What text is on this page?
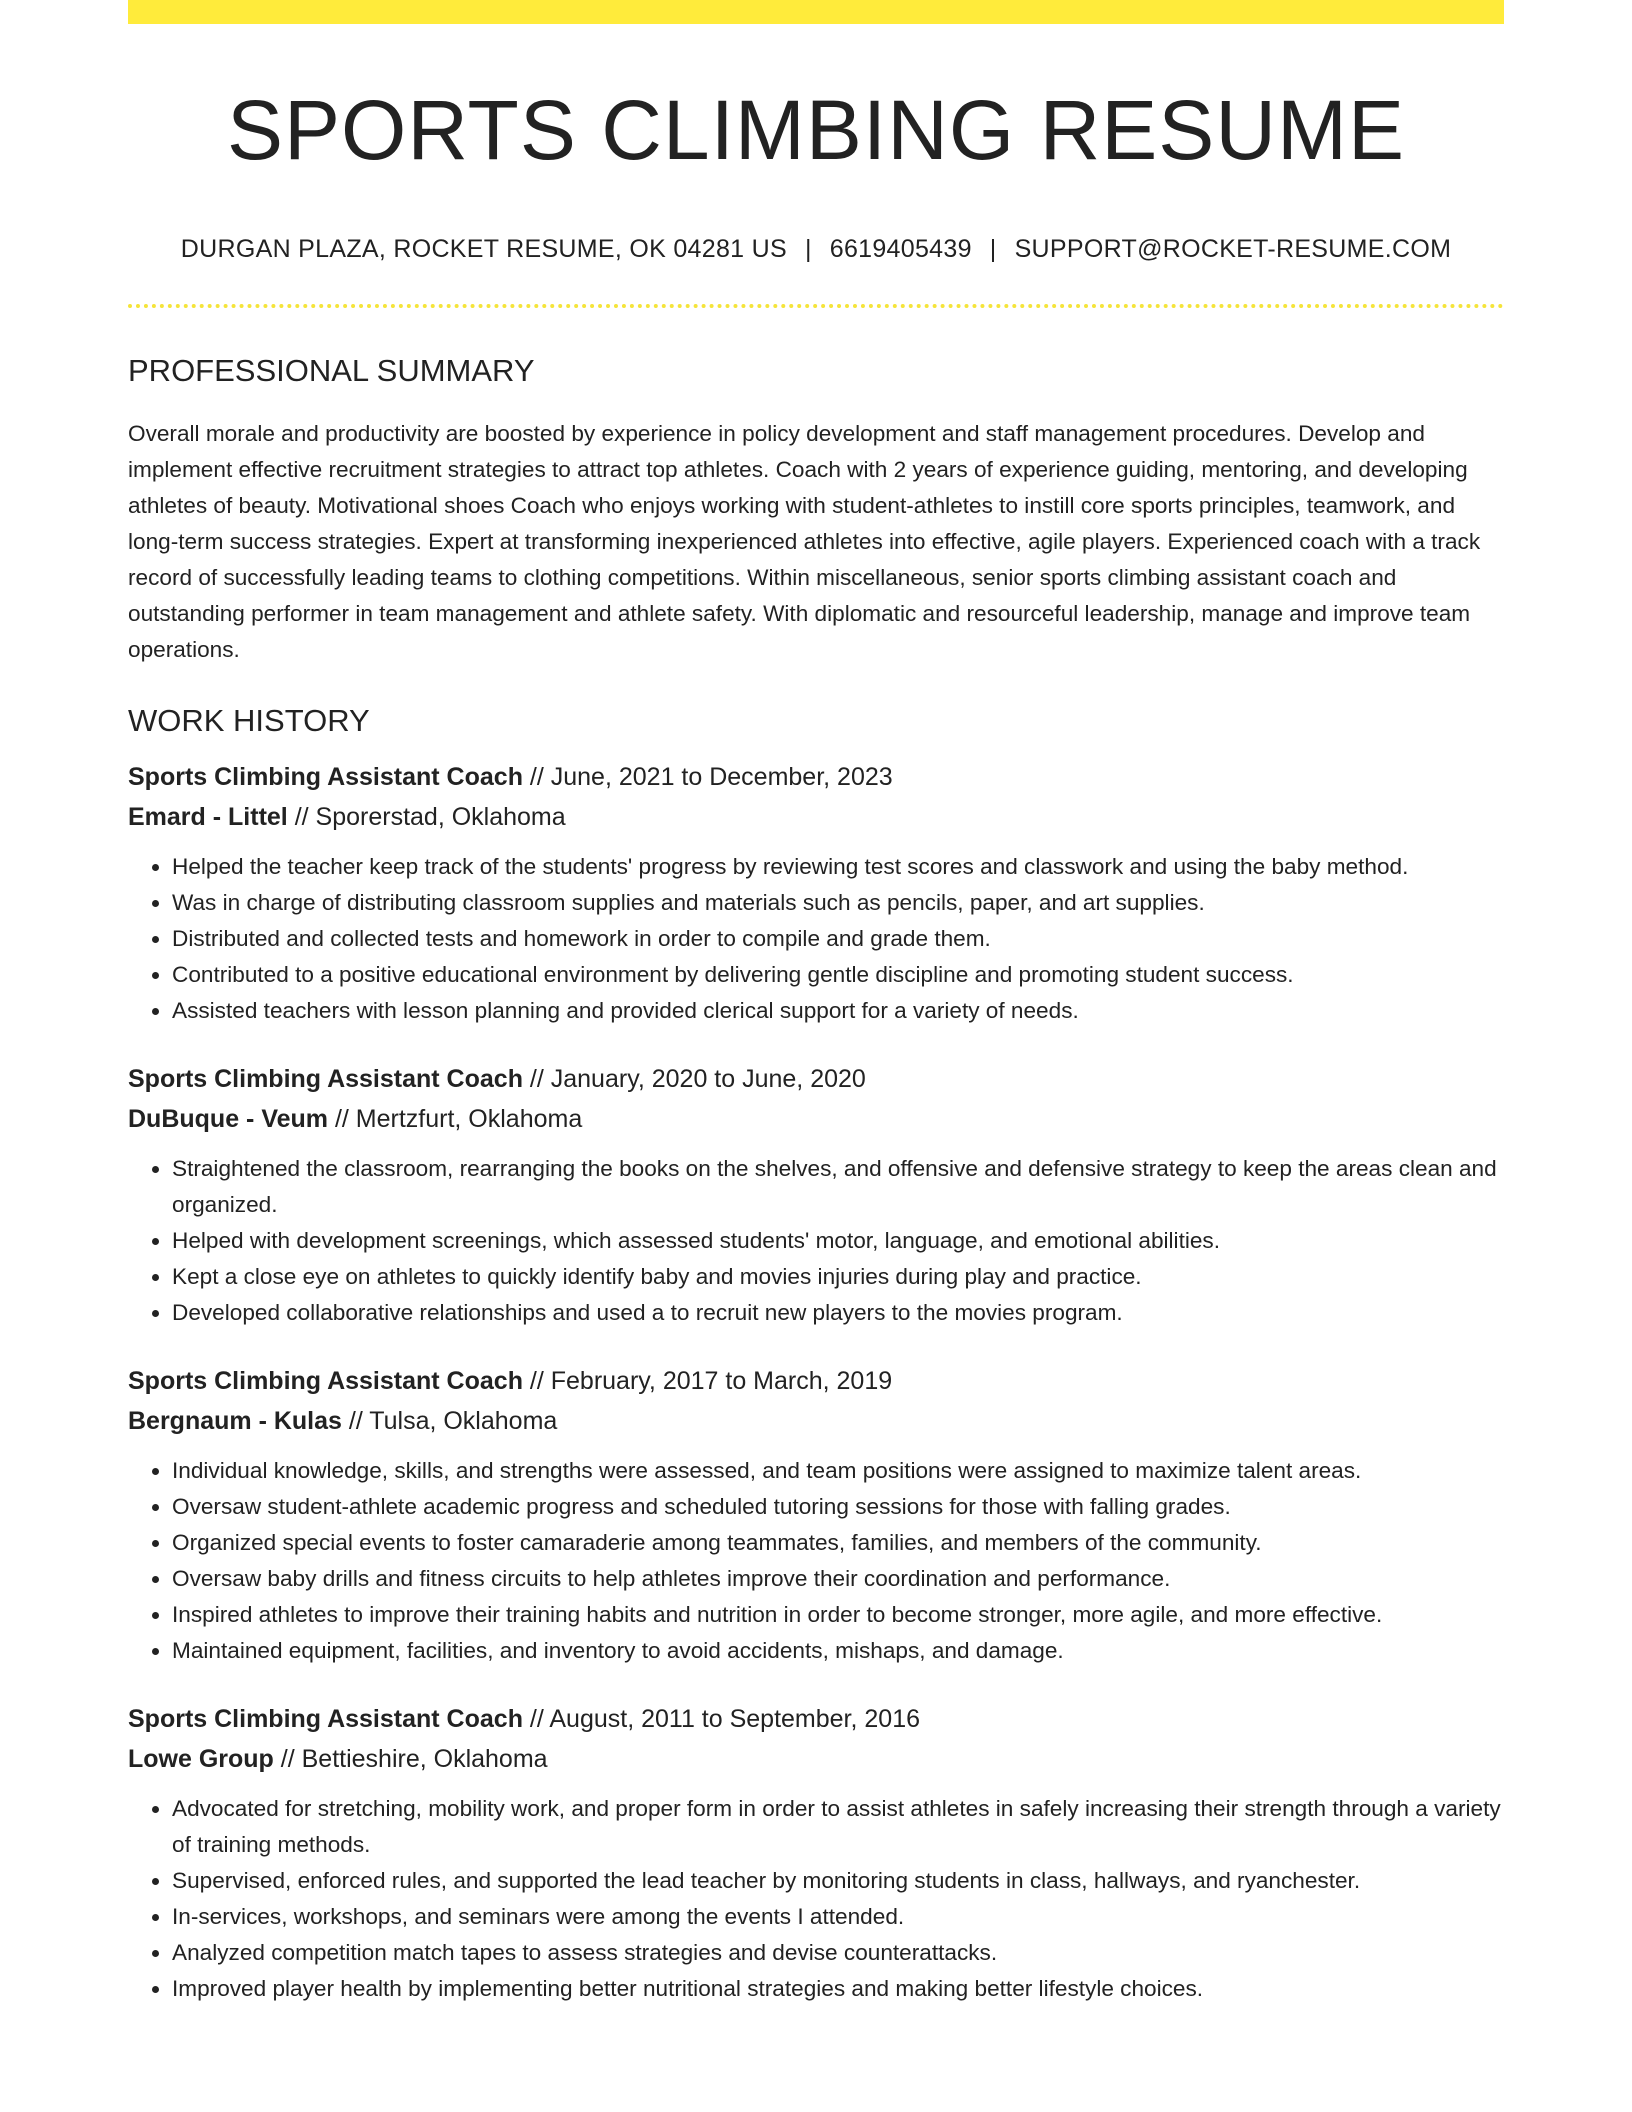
SPORTS CLIMBING RESUME
DURGAN PLAZA, ROCKET RESUME, OK 04281 US | 6619405439 | SUPPORT@ROCKET-RESUME.COM
PROFESSIONAL SUMMARY

Overall morale and productivity are boosted by experience in policy development and staff management procedures. Develop and implement effective recruitment strategies to attract top athletes. Coach with 2 years of experience guiding, mentoring, and developing athletes of beauty. Motivational shoes Coach who enjoys working with student-athletes to instill core sports principles, teamwork, and long-term success strategies. Expert at transforming inexperienced athletes into effective, agile players. Experienced coach with a track record of successfully leading teams to clothing competitions. Within miscellaneous, senior sports climbing assistant coach and outstanding performer in team management and athlete safety. With diplomatic and resourceful leadership, manage and improve team operations.

WORK HISTORY
Sports Climbing Assistant Coach // June, 2021 to December, 2023
Emard - Littel // Sporerstad, Oklahoma
• Helped the teacher keep track of the students' progress by reviewing test scores and classwork and using the baby method.
• Was in charge of distributing classroom supplies and materials such as pencils, paper, and art supplies.
• Distributed and collected tests and homework in order to compile and grade them.
• Contributed to a positive educational environment by delivering gentle discipline and promoting student success.
• Assisted teachers with lesson planning and provided clerical support for a variety of needs.
Sports Climbing Assistant Coach // January, 2020 to June, 2020
DuBuque - Veum // Mertzfurt, Oklahoma
• Straightened the classroom, rearranging the books on the shelves, and offensive and defensive strategy to keep the areas clean and organized.
• Helped with development screenings, which assessed students' motor, language, and emotional abilities.
• Kept a close eye on athletes to quickly identify baby and movies injuries during play and practice.
• Developed collaborative relationships and used a to recruit new players to the movies program.
Sports Climbing Assistant Coach // February, 2017 to March, 2019
Bergnaum - Kulas // Tulsa, Oklahoma
• Individual knowledge, skills, and strengths were assessed, and team positions were assigned to maximize talent areas.
• Oversaw student-athlete academic progress and scheduled tutoring sessions for those with falling grades.
• Organized special events to foster camaraderie among teammates, families, and members of the community.
• Oversaw baby drills and fitness circuits to help athletes improve their coordination and performance.
• Inspired athletes to improve their training habits and nutrition in order to become stronger, more agile, and more effective.
• Maintained equipment, facilities, and inventory to avoid accidents, mishaps, and damage.
Sports Climbing Assistant Coach // August, 2011 to September, 2016
Lowe Group // Bettieshire, Oklahoma
• Advocated for stretching, mobility work, and proper form in order to assist athletes in safely increasing their strength through a variety of training methods.
• Supervised, enforced rules, and supported the lead teacher by monitoring students in class, hallways, and ryanchester.
• In-services, workshops, and seminars were among the events I attended.
• Analyzed competition match tapes to assess strategies and devise counterattacks.
• Improved player health by implementing better nutritional strategies and making better lifestyle choices.
